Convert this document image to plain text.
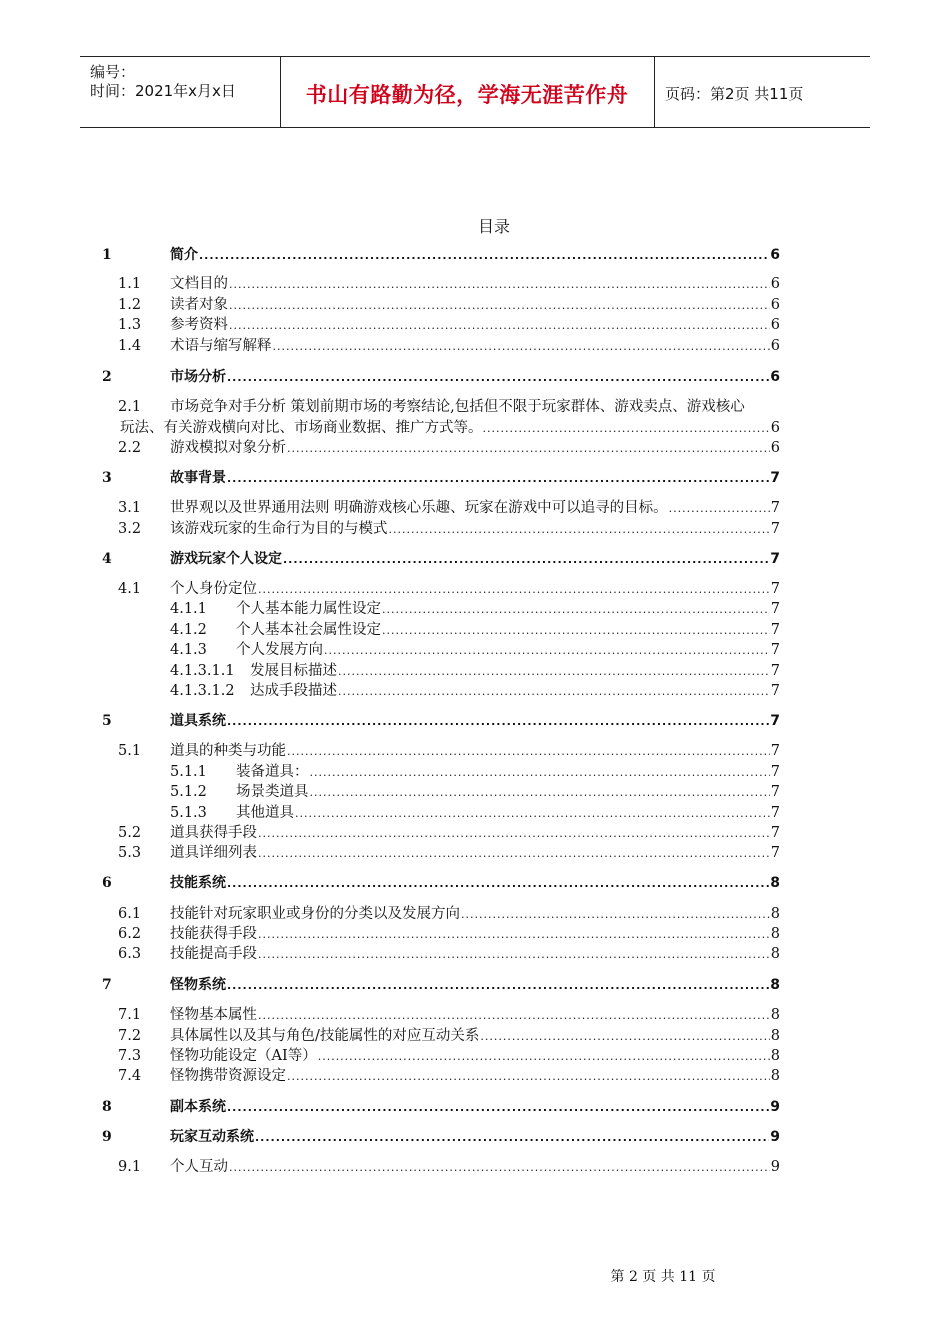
编号：
时间：2021年x月x日	书山有路勤为径，学海无涯苦作舟	页码：第2页 共11页
目录
1	简介 .....	6
1.1 文档目的 .....	6
1.2 读者对象 .....	6
1.3 参考资料 .....	6
1.4 术语与缩写解释 .....	6
2	市场分析 .....	6
2.1 市场竞争对手分析 策划前期市场的考察结论,包括但不限于玩家群体、游戏卖点、游戏核心
玩法、有关游戏横向对比、市场商业数据、推广方式等。 .....	6
2.2 游戏模拟对象分析 .....	6
3	故事背景 .....	7
3.1 世界观以及世界通用法则 明确游戏核心乐趣、玩家在游戏中可以追寻的目标。 .....	7
3.2 该游戏玩家的生命行为目的与模式 .....	7
4	游戏玩家个人设定 .....	7
4.1 个人身份定位 .....	7
4.1.1 个人基本能力属性设定 .....	7
4.1.2 个人基本社会属性设定 .....	7
4.1.3 个人发展方向 .....	7
4.1.3.1.1 发展目标描述 .....	7
4.1.3.1.2 达成手段描述 .....	7
5	道具系统 .....	7
5.1 道具的种类与功能 .....	7
5.1.1 装备道具： .....	7
5.1.2 场景类道具 .....	7
5.1.3 其他道具 .....	7
5.2 道具获得手段 .....	7
5.3 道具详细列表 .....	7
6	技能系统 .....	8
6.1 技能针对玩家职业或身份的分类以及发展方向 .....	8
6.2 技能获得手段 .....	8
6.3 技能提高手段 .....	8
7	怪物系统 .....	8
7.1 怪物基本属性 .....	8
7.2 具体属性以及其与角色/技能属性的对应互动关系 .....	8
7.3 怪物功能设定（AI等） .....	8
7.4 怪物携带资源设定 .....	8
8	副本系统 .....	9
9	玩家互动系统 .....	9
9.1 个人互动 .....	9
第 2 页 共 11 页
